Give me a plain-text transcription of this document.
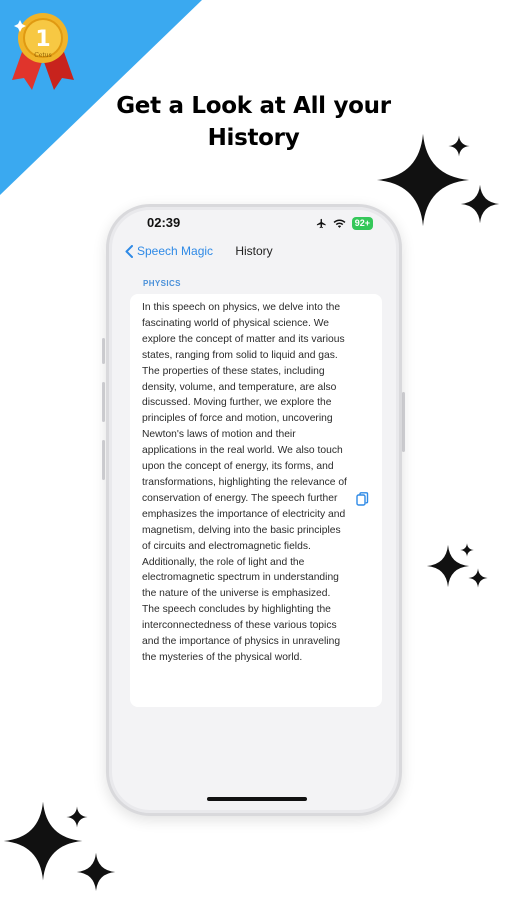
1
Cetus
Get a Look at All your
History
02:39	92+
Speech Magic	History
PHYSICS
In this speech on physics, we delve into the fascinating world of physical science. We explore the concept of matter and its various states, ranging from solid to liquid and gas. The properties of these states, including density, volume, and temperature, are also discussed. Moving further, we explore the principles of force and motion, uncovering Newton's laws of motion and their applications in the real world. We also touch upon the concept of energy, its forms, and transformations, highlighting the relevance of conservation of energy. The speech further emphasizes the importance of electricity and magnetism, delving into the basic principles of circuits and electromagnetic fields. Additionally, the role of light and the electromagnetic spectrum in understanding the nature of the universe is emphasized. The speech concludes by highlighting the interconnectedness of these various topics and the importance of physics in unraveling the mysteries of the physical world.
